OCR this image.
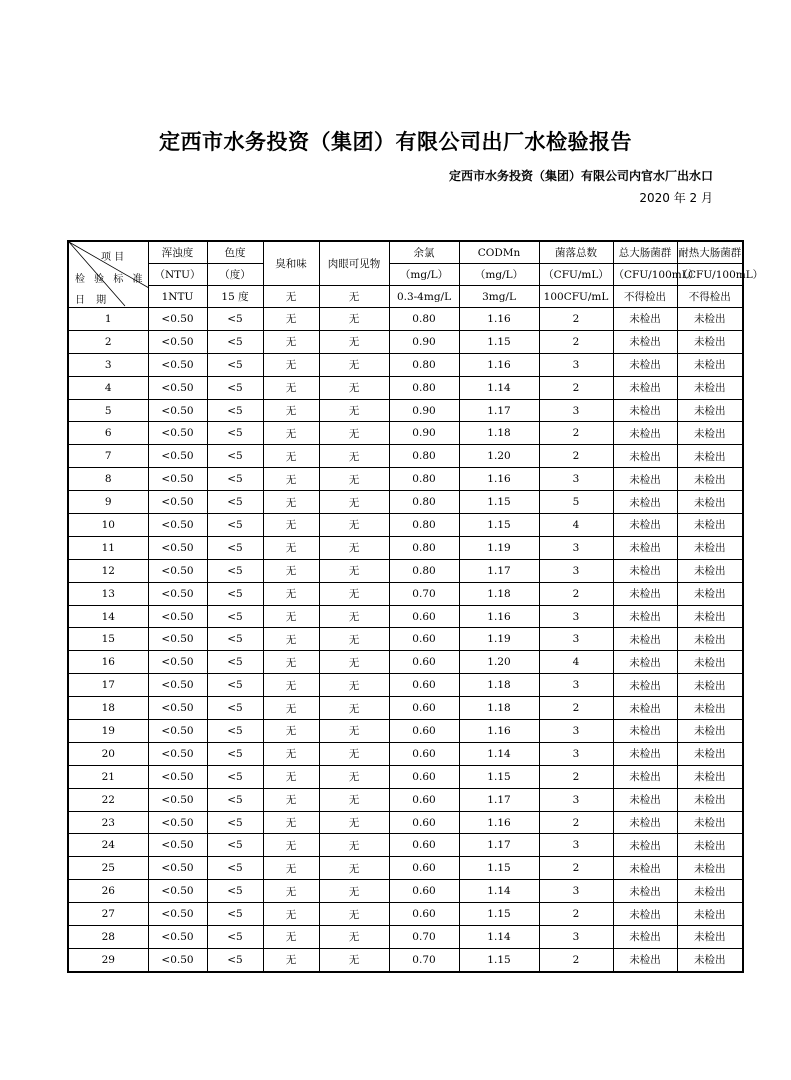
定西市水务投资（集团）有限公司出厂水检验报告
定西市水务投资（集团）有限公司内官水厂出水口
2020 年 2 月
项 目
检 验 标 准
日 期	浑浊度	色度	臭和味	肉眼可见物	余氯	CODMn	菌落总数	总大肠菌群	耐热大肠菌群
	（NTU）	（度）			（mg/L）	（mg/L）	（CFU/mL）	（CFU/100mL）	（CFU/100mL）
	1NTU	15 度	无	无	0.3-4mg/L	3mg/L	100CFU/mL	不得检出	不得检出
1	<0.50	<5	无	无	0.80	1.16	2	未检出	未检出
2	<0.50	<5	无	无	0.90	1.15	2	未检出	未检出
3	<0.50	<5	无	无	0.80	1.16	3	未检出	未检出
4	<0.50	<5	无	无	0.80	1.14	2	未检出	未检出
5	<0.50	<5	无	无	0.90	1.17	3	未检出	未检出
6	<0.50	<5	无	无	0.90	1.18	2	未检出	未检出
7	<0.50	<5	无	无	0.80	1.20	2	未检出	未检出
8	<0.50	<5	无	无	0.80	1.16	3	未检出	未检出
9	<0.50	<5	无	无	0.80	1.15	5	未检出	未检出
10	<0.50	<5	无	无	0.80	1.15	4	未检出	未检出
11	<0.50	<5	无	无	0.80	1.19	3	未检出	未检出
12	<0.50	<5	无	无	0.80	1.17	3	未检出	未检出
13	<0.50	<5	无	无	0.70	1.18	2	未检出	未检出
14	<0.50	<5	无	无	0.60	1.16	3	未检出	未检出
15	<0.50	<5	无	无	0.60	1.19	3	未检出	未检出
16	<0.50	<5	无	无	0.60	1.20	4	未检出	未检出
17	<0.50	<5	无	无	0.60	1.18	3	未检出	未检出
18	<0.50	<5	无	无	0.60	1.18	2	未检出	未检出
19	<0.50	<5	无	无	0.60	1.16	3	未检出	未检出
20	<0.50	<5	无	无	0.60	1.14	3	未检出	未检出
21	<0.50	<5	无	无	0.60	1.15	2	未检出	未检出
22	<0.50	<5	无	无	0.60	1.17	3	未检出	未检出
23	<0.50	<5	无	无	0.60	1.16	2	未检出	未检出
24	<0.50	<5	无	无	0.60	1.17	3	未检出	未检出
25	<0.50	<5	无	无	0.60	1.15	2	未检出	未检出
26	<0.50	<5	无	无	0.60	1.14	3	未检出	未检出
27	<0.50	<5	无	无	0.60	1.15	2	未检出	未检出
28	<0.50	<5	无	无	0.70	1.14	3	未检出	未检出
29	<0.50	<5	无	无	0.70	1.15	2	未检出	未检出
